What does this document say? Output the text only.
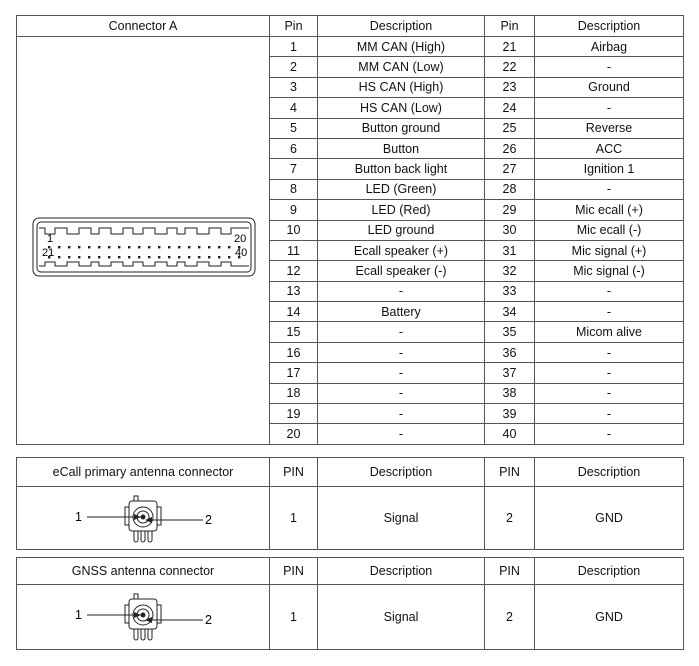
Connector A	Pin	Description	Pin	Description

1 20
21 40	1	MM CAN (High)	21	Airbag
	2	MM CAN (Low)	22	-
	3	HS CAN (High)	23	Ground
	4	HS CAN (Low)	24	-
	5	Button ground	25	Reverse
	6	Button	26	ACC
	7	Button back light	27	Ignition 1
	8	LED (Green)	28	-
	9	LED (Red)	29	Mic ecall (+)
	10	LED ground	30	Mic ecall (-)
	11	Ecall speaker (+)	31	Mic signal (+)
	12	Ecall speaker (-)	32	Mic signal (-)
	13	-	33	-
	14	Battery	34	-
	15	-	35	Micom alive
	16	-	36	-
	17	-	37	-
	18	-	38	-
	19	-	39	-
	20	-	40	-
eCall primary antenna connector	PIN	Description	PIN	Description

1 2	1	Signal	2	GND
GNSS antenna connector	PIN	Description	PIN	Description

1 2	1	Signal	2	GND
